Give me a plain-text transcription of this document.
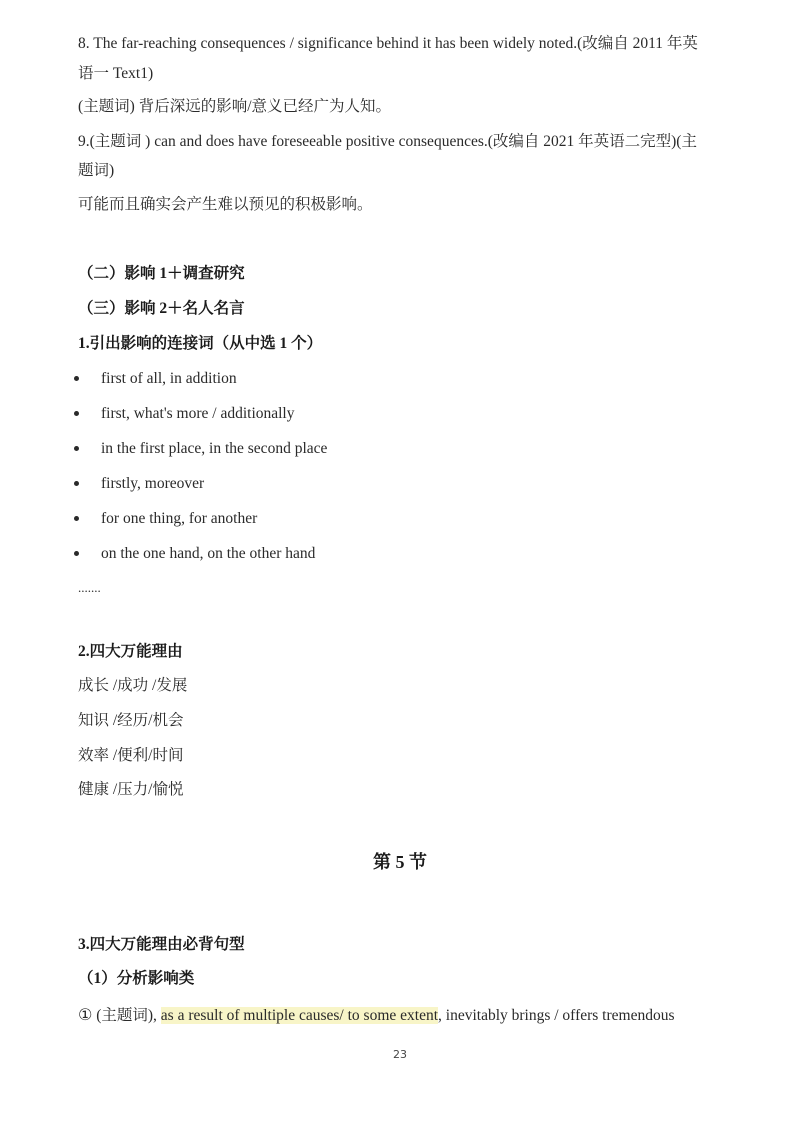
8. The far-reaching consequences / significance behind it has been widely noted.(改编自 2011 年英
语一 Text1)
(主题词) 背后深远的影响/意义已经广为人知。
9.(主题词 ) can and does have foreseeable positive consequences.(改编自 2021 年英语二完型)(主
题词)
可能而且确实会产生难以预见的积极影响。
（二）影响 1＋调查研究
（三）影响 2＋名人名言
1.引出影响的连接词（从中选 1 个）
first of all, in addition
first, what's more / additionally
in the first place, in the second place
firstly, moreover
for one thing, for another
on the one hand, on the other hand
.......
2.四大万能理由
成长 /成功 /发展
知识 /经历/机会
效率 /便利/时间
健康 /压力/愉悦
第 5 节
3.四大万能理由必背句型
（1）分析影响类
① (主题词), as a result of multiple causes/ to some extent, inevitably brings / offers tremendous
23
